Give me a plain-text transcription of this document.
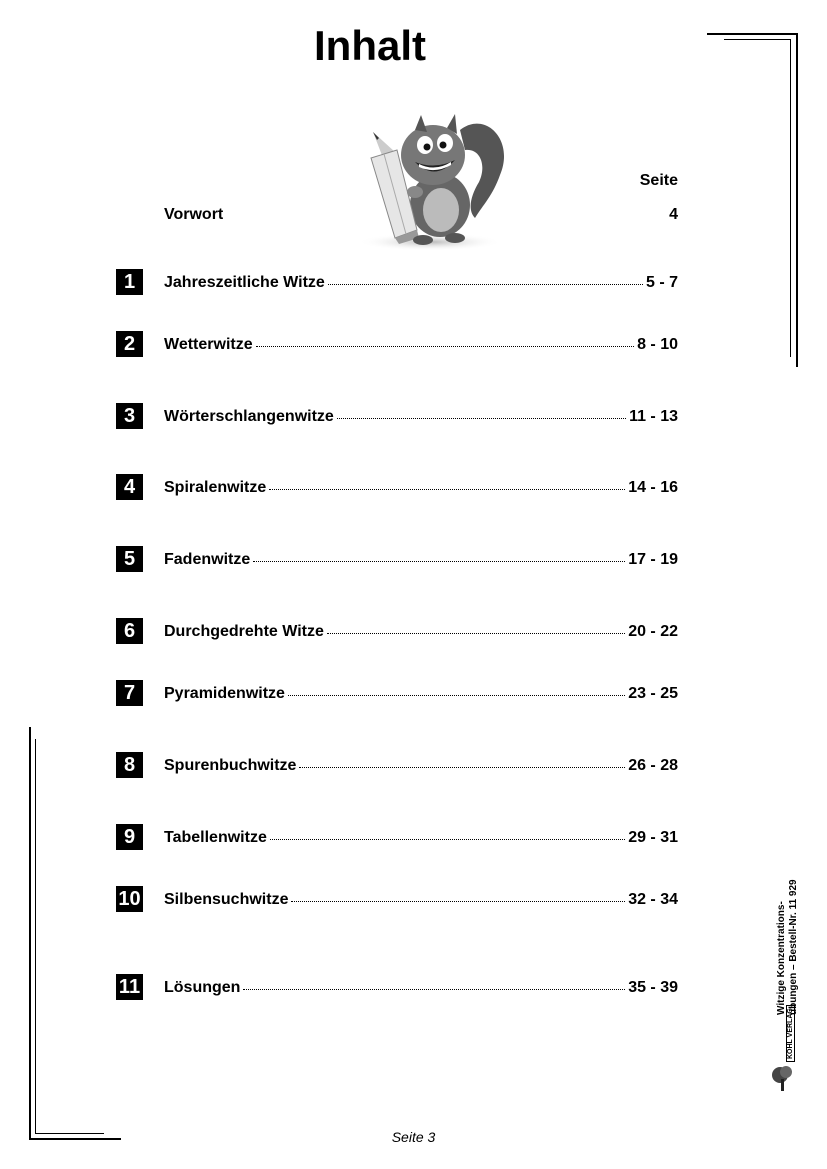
Inhalt
Seite
Vorwort	4
1	Jahreszeitliche Witze	5 - 7
2	Wetterwitze	8 - 10
3	Wörterschlangenwitze	11 - 13
4	Spiralenwitze	14 - 16
5	Fadenwitze	17 - 19
6	Durchgedrehte Witze	20 - 22
7	Pyramidenwitze	23 - 25
8	Spurenbuchwitze	26 - 28
9	Tabellenwitze	29 - 31
10 Silbensuchwitze	32 - 34
11 Lösungen	35 - 39	Witzige Konzentrations- übungen – Bestell-Nr. 11 929
KOHL VERLAG
Seite 3
